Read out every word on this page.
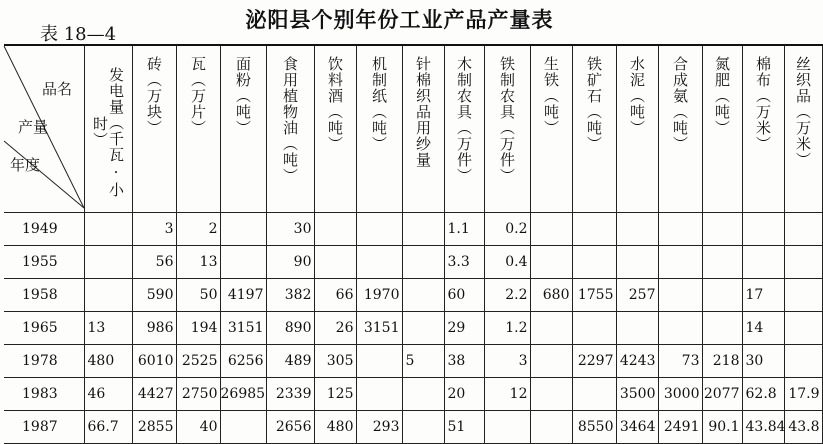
泌阳县个别年份工业产品产量表
表 18—4
品名
产量
年度	发电量（千瓦·小时）	砖（万块）	瓦（万片）	面粉（吨）	食用植物油（吨）	饮料酒（吨）	机制纸（吨）	针棉织品用纱量	木制农具（万件）	铁制农具（万件）	生铁（吨）	铁矿石（吨）	水泥（吨）	合成氨（吨）	氮肥（吨）	棉布（万米）	丝织品（万米）
1949		3	2		30				1.1	0.2							
1955		56	13		90				3.3	0.4							
1958		590	50	4197	382	66	1970		60	2.2	680	1755	257			17	
1965	13	986	194	3151	890	26	3151		29	1.2						14	
1978	480	6010	2525	6256	489	305		5	38	3		2297	4243	73	218	30	
1983	46	4427	2750	26985	2339	125			20	12			3500	3000	2077	62.8	17.9
1987	66.7	2855	40		2656	480	293		51			8550	3464	2491	90.1	43.84	43.8
